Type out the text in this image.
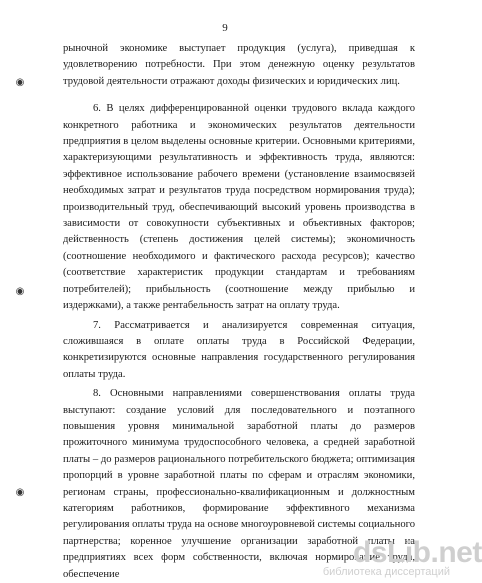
9
◉
◉
◉

рыночной экономике выступает продукция (услуга), приведшая к удовлетворению потребности. При этом денежную оценку результатов трудовой деятельности отражают доходы физических и юридических лиц.

6. В целях дифференцированной оценки трудового вклада каждого конкретного работника и экономических результатов деятельности предприятия в целом выделены основные критерии. Основными критериями, характеризующими результативность и эффективность труда, являются: эффективное использование рабочего времени (установление взаимосвязей необходимых затрат и результатов труда посредством нормирования труда); производительный труд, обеспечивающий высокий уровень производства в зависимости от совокупности субъективных и объективных факторов; действенность (степень достижения целей системы); экономичность (соотношение необходимого и фактического расхода ресурсов); качество (соответствие характеристик продукции стандартам и требованиям потребителей); прибыльность (соотношение между прибылью и издержками), а также рентабельность затрат на оплату труда.

7. Рассматривается и анализируется современная ситуация, сложившаяся в оплате оплаты труда в Российской Федерации, конкретизируются основные направления государственного регулирования оплаты труда.

8. Основными направлениями совершенствования оплаты труда выступают: создание условий для последовательного и поэтапного повышения уровня минимальной заработной платы до размеров прожиточного минимума трудоспособного человека, а средней заработной платы – до размеров рационального потребительского бюджета; оптимизация пропорций в уровне заработной платы по сферам и отраслям экономики, регионам страны, профессионально-квалификационным и должностным категориям работников, формирование эффективного механизма регулирования оплаты труда на основе многоуровневой системы социального партнерства; коренное улучшение организации заработной платы на предприятиях всех форм собственности, включая нормирование труда, обеспечение

dsLib.net
библиотека диссертаций
